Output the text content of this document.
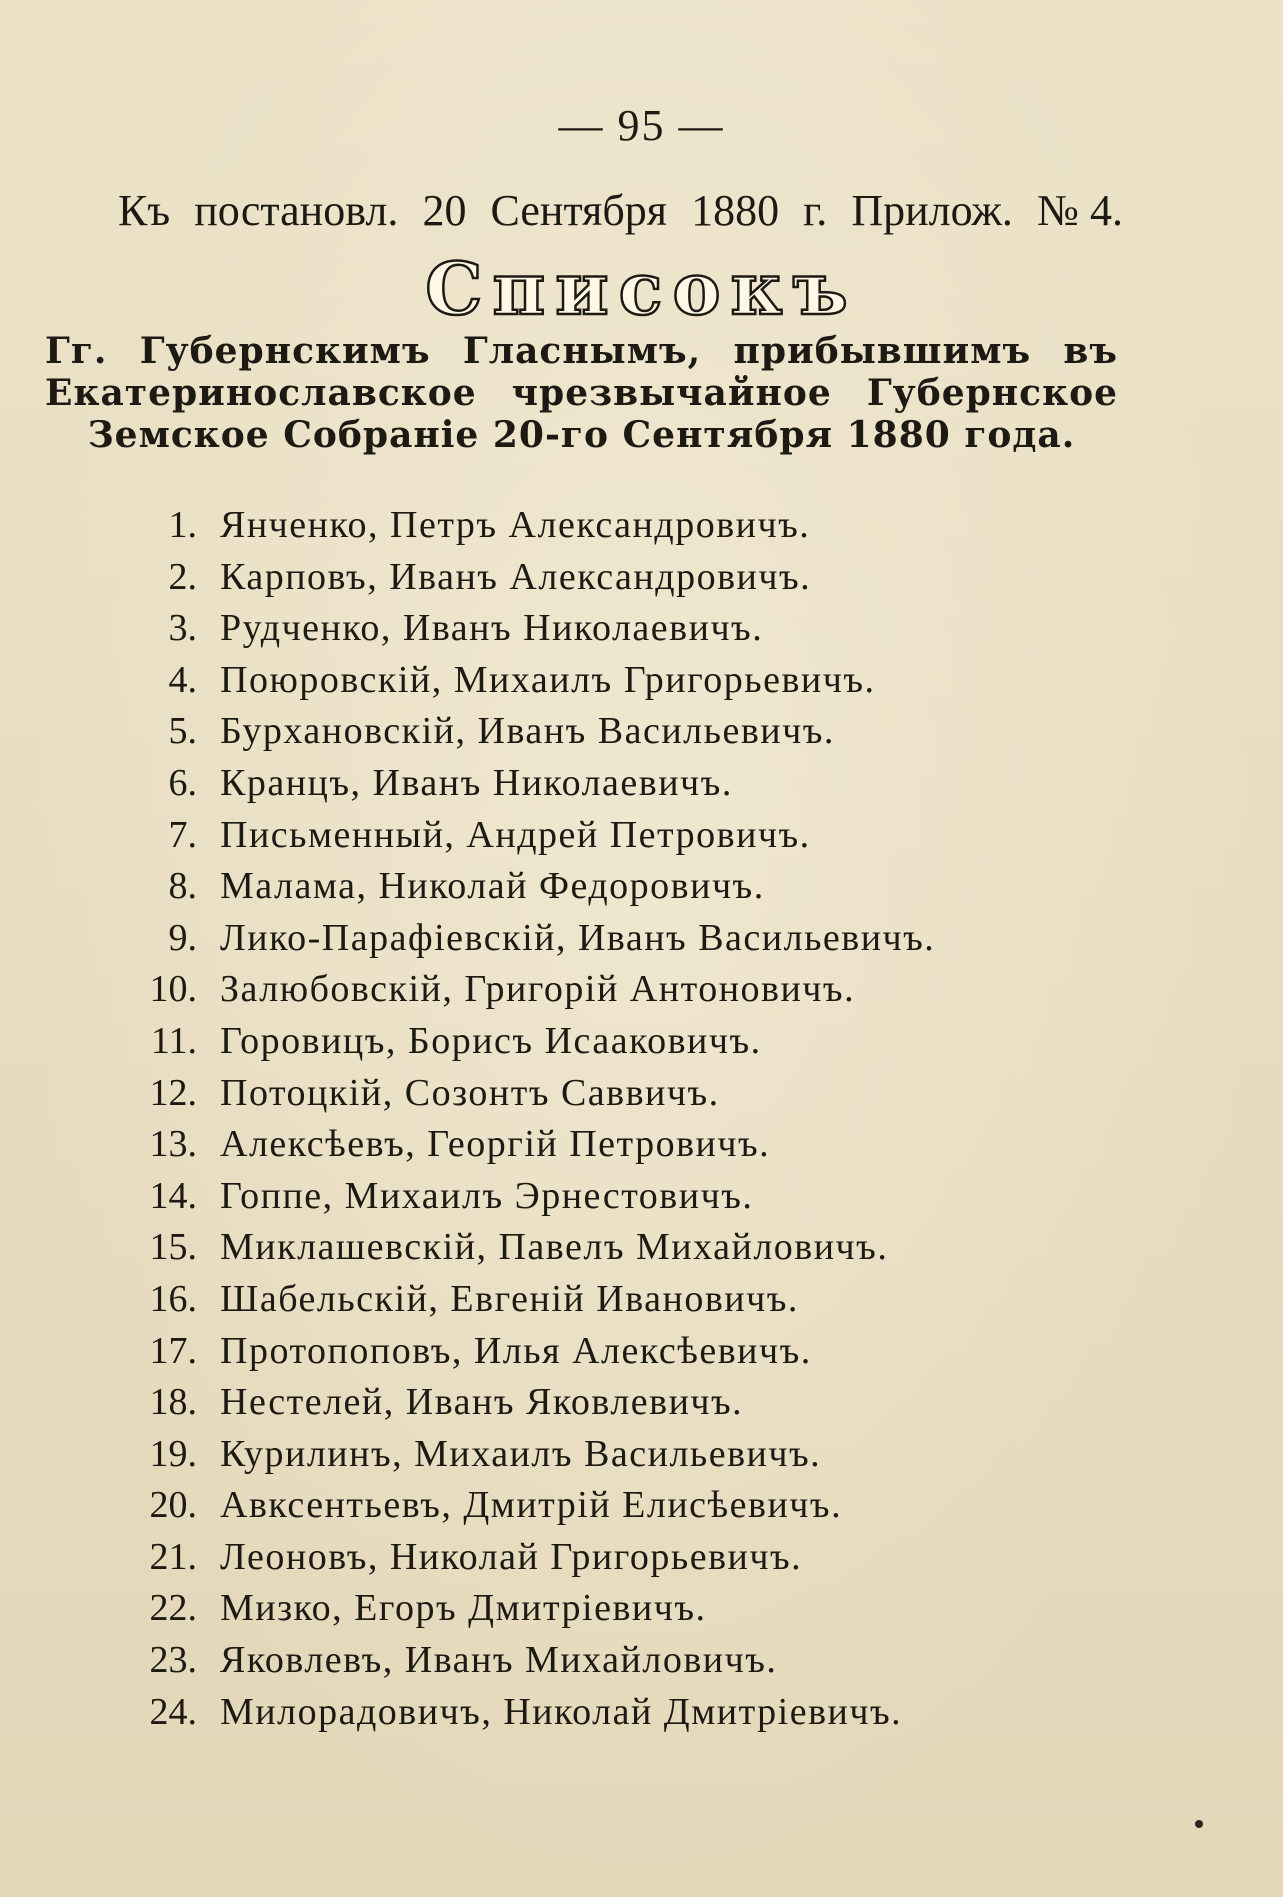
— 95 —
Къ постановл. 20 Сентября 1880 г. Прилож. № 4.
Списокъ
Гг. Губернскимъ Гласнымъ, прибывшимъ въ Екатеринославское чрезвычайное Губернское Земское Собраніе 20-го Сентября 1880 года.
1. Янченко, Петръ Александровичъ.
2. Карповъ, Иванъ Александровичъ.
3. Рудченко, Иванъ Николаевичъ.
4. Поюровскій, Михаилъ Григорьевичъ.
5. Бурхановскій, Иванъ Васильевичъ.
6. Кранцъ, Иванъ Николаевичъ.
7. Письменный, Андрей Петровичъ.
8. Малама, Николай Федоровичъ.
9. Лико-Парафіевскій, Иванъ Васильевичъ.
10. Залюбовскій, Григорій Антоновичъ.
11. Горовицъ, Борисъ Исааковичъ.
12. Потоцкій, Созонтъ Саввичъ.
13. Алексѣевъ, Георгій Петровичъ.
14. Гоппе, Михаилъ Эрнестовичъ.
15. Миклашевскій, Павелъ Михайловичъ.
16. Шабельскій, Евгеній Ивановичъ.
17. Протопоповъ, Илья Алексѣевичъ.
18. Нестелей, Иванъ Яковлевичъ.
19. Курилинъ, Михаилъ Васильевичъ.
20. Авксентьевъ, Дмитрій Елисѣевичъ.
21. Леоновъ, Николай Григорьевичъ.
22. Мизко, Егоръ Дмитріевичъ.
23. Яковлевъ, Иванъ Михайловичъ.
24. Милорадовичъ, Николай Дмитріевичъ.
